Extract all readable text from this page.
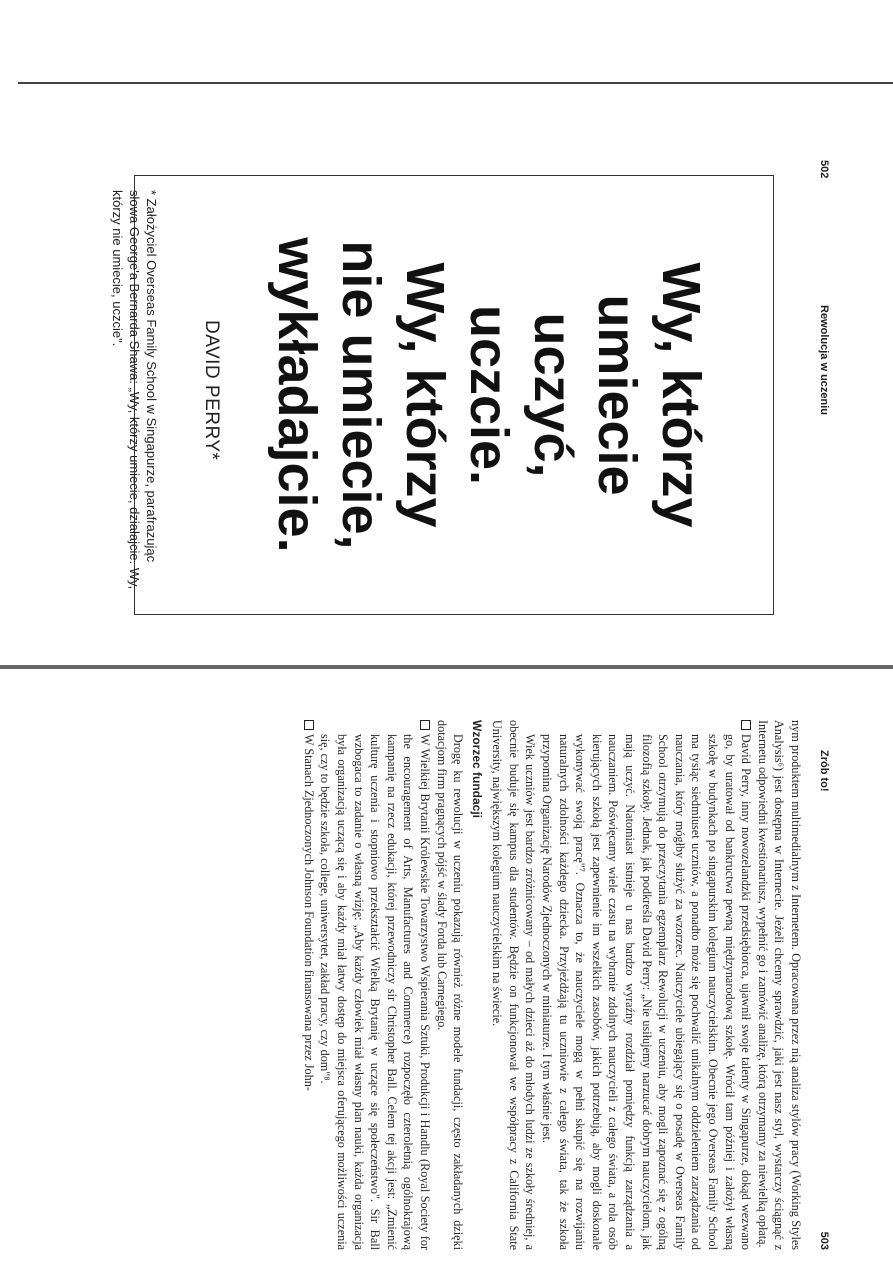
502
Rewolucja w uczeniu
Wy, którzy
umiecie uczyć,
uczcie.
Wy, którzy
nie umiecie,
wykładajcie.
DAVID PERRY*
* Założyciel Overseas Family School w Singapurze, parafrazując słowa George'a Bernarda Shawa: „Wy, którzy umiecie, działajcie. Wy, którzy nie umiecie, uczcie".
Zrób to!
503

nym produktem multimedialnym z Internetem. Opracowana przez nią analiza stylów pracy (Working Styles Analysis⁶) jest dostępna w Internecie. Jeżeli chcemy sprawdzić, jaki jest nasz styl, wystarczy ściągnąć z Internetu odpowiedni kwestionariusz, wypełnić go i zamówić analizę, którą otrzymamy za niewielką opłatą.

David Perry, inny nowozelandzki przedsiębiorca, ujawnił swoje talenty w Singapurze, dokąd wezwano go, by uratował od bankructwa pewną międzynarodową szkołę. Wrócił tam później i założył własną szkołę w budynkach po singapurskim kolegium nauczycielskim. Obecnie jego Overseas Family School ma tysiąc siedmiuset uczniów, a ponadto może się pochwalić unikalnym oddzieleniem zarządzania od nauczania, który mógłby służyć za wzorzec. Nauczyciele ubiegający się o posadę w Overseas Family School otrzymują do przeczytania egzemplarz Rewolucji w uczeniu, aby mogli zapoznać się z ogólną filozofią szkoły. Jednak, jak podkreśla David Perry: „Nie usiłujemy narzucać dobrym nauczycielom, jak mają uczyć. Natomiast istnieje u nas bardzo wyraźny rozdział pomiędzy funkcją zarządzania a nauczaniem. Poświęcamy wiele czasu na wybranie zdolnych nauczycieli z całego świata, a rola osób kierujących szkołą jest zapewnienie im wszelkich zasobów, jakich potrzebują, aby mogli doskonale wykonywać swoją pracę"⁷. Oznacza to, że nauczyciele mogą w pełni skupić się na rozwijaniu naturalnych zdolności każdego dziecka. Przyjeżdżają tu uczniowie z całego świata, tak że szkoła przypomina Organizację Narodów Zjednoczonych w miniaturze. I tym właśnie jest.

Wiek uczniów jest bardzo zróżnicowany – od małych dzieci aż do młodych ludzi ze szkoły średniej, a obecnie buduje się kampus dla studentów. Będzie on funkcjonował we współpracy z California State University, największym kolegium nauczycielskim na świecie.

Wzorzec fundacji

Drogę ku rewolucji w uczeniu pokazują również różne modele fundacji, często zakładanych dzięki dotacjom firm pragnących pójść w ślady Forda lub Carnegiego.

W Wielkiej Brytanii Królewskie Towarzystwo Wspierania Sztuki, Produkcji i Handlu (Royal Society for the encouragement of Arts, Manufactures and Commerce) rozpoczęło czteroletnią ogólnokrajową kampanię na rzecz edukacji, której przewodniczy sir Christopher Ball. Celem tej akcji jest: „Zmienić kulturę uczenia i stopniowo przekształcić Wielką Brytanię w uczące się społeczeństwo". Sir Ball wzbogaca to zadanie o własną wizję: „Aby każdy człowiek miał własny plan nauki, każda organizacja była organizacją uczącą się i aby każdy miał łatwy dostęp do miejsca oferującego możliwości uczenia się, czy to będzie szkoła, college, uniwersytet, zakład pracy, czy dom"⁸.
W Stanach Zjednoczonych Johnson Foundation finansowana przez John-
